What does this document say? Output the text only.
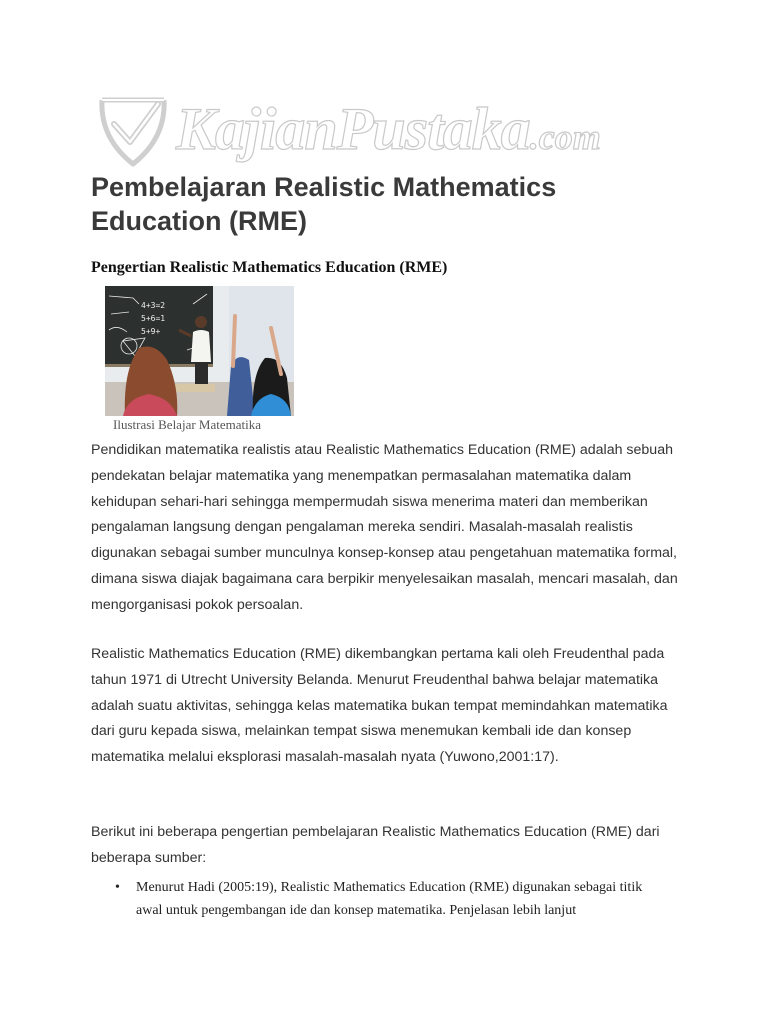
KajianPustaka.com
Pembelajaran Realistic Mathematics Education (RME)
Pengertian Realistic Mathematics Education (RME)
4+3=2
5+6=1
5+9+

Ilustrasi Belajar Matematika

Pendidikan matematika realistis atau Realistic Mathematics Education (RME) adalah sebuah pendekatan belajar matematika yang menempatkan permasalahan matematika dalam kehidupan sehari-hari sehingga mempermudah siswa menerima materi dan memberikan pengalaman langsung dengan pengalaman mereka sendiri. Masalah-masalah realistis digunakan sebagai sumber munculnya konsep-konsep atau pengetahuan matematika formal, dimana siswa diajak bagaimana cara berpikir menyelesaikan masalah, mencari masalah, dan mengorganisasi pokok persoalan.

Realistic Mathematics Education (RME) dikembangkan pertama kali oleh Freudenthal pada tahun 1971 di Utrecht University Belanda. Menurut Freudenthal bahwa belajar matematika adalah suatu aktivitas, sehingga kelas matematika bukan tempat memindahkan matematika dari guru kepada siswa, melainkan tempat siswa menemukan kembali ide dan konsep matematika melalui eksplorasi masalah-masalah nyata (Yuwono,2001:17).

Berikut ini beberapa pengertian pembelajaran Realistic Mathematics Education (RME) dari beberapa sumber:

• Menurut Hadi (2005:19), Realistic Mathematics Education (RME) digunakan sebagai titik awal untuk pengembangan ide dan konsep matematika. Penjelasan lebih lanjut
